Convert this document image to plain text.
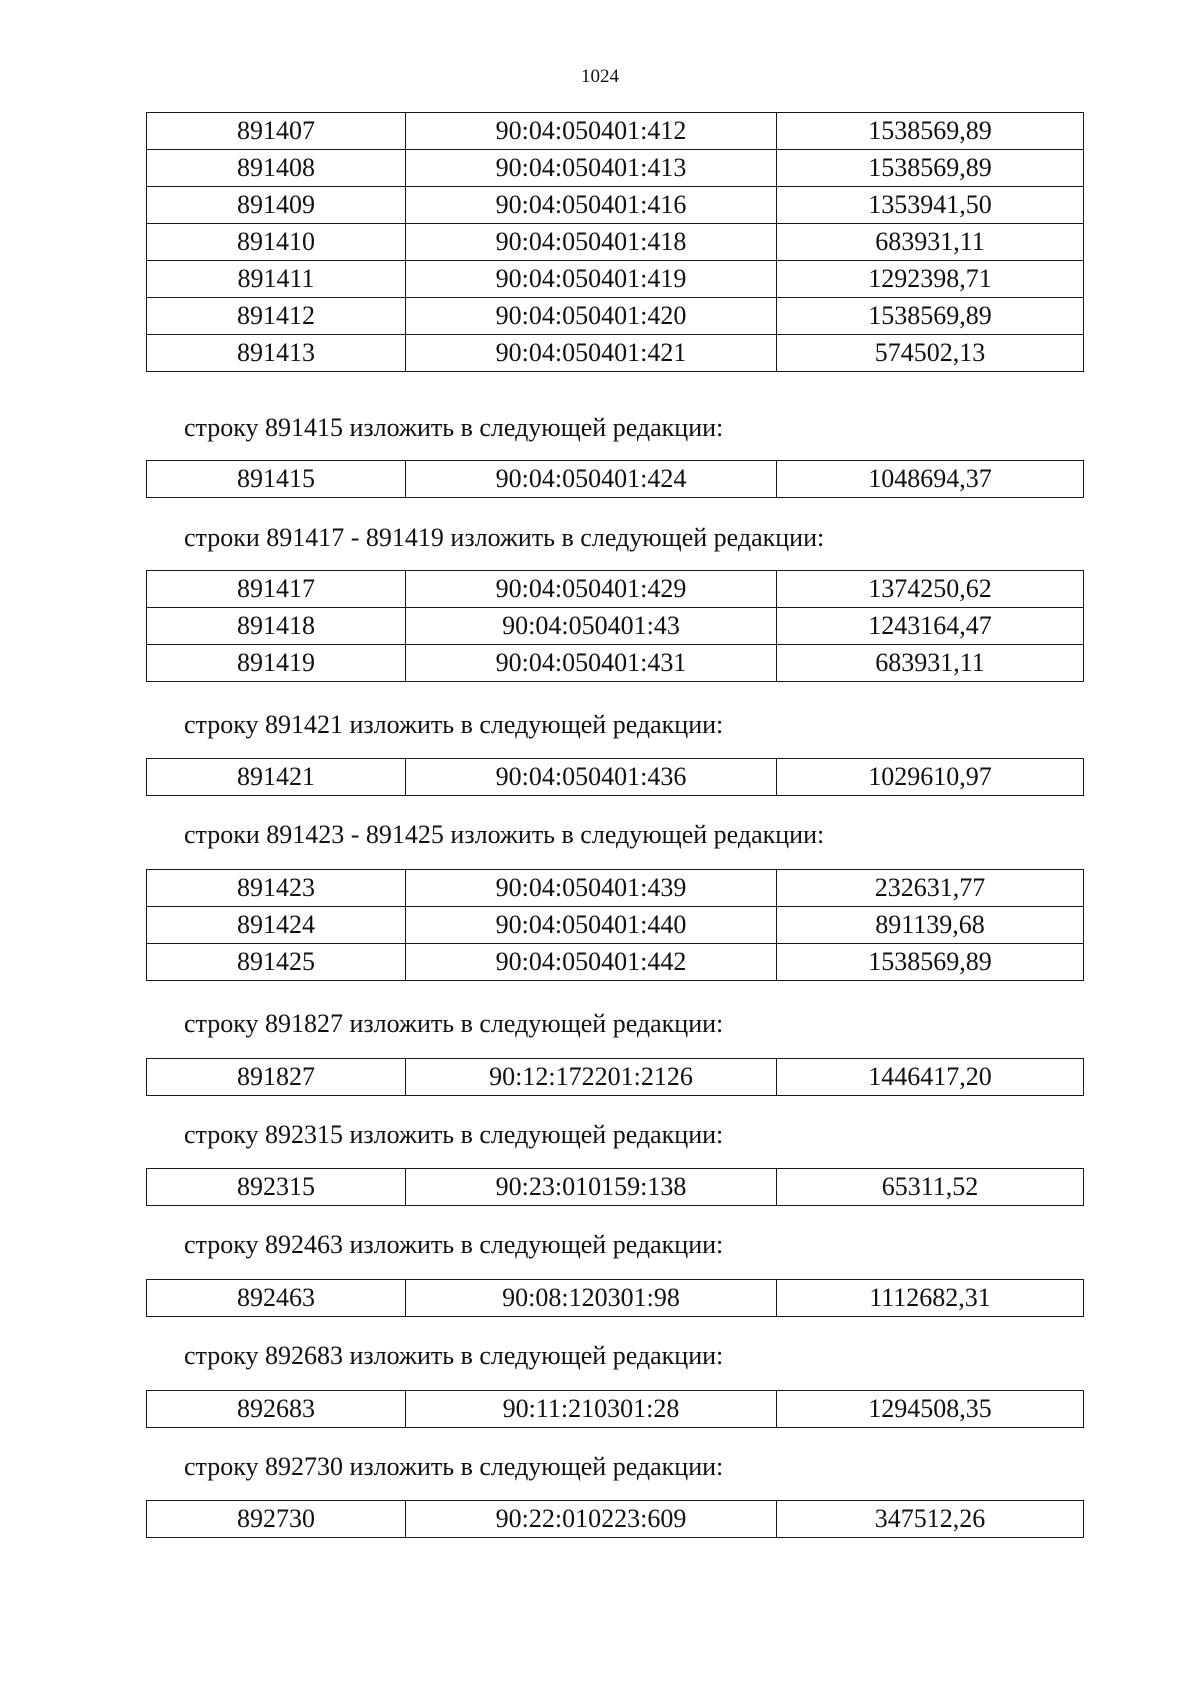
1024
891407	90:04:050401:412	1538569,89
891408	90:04:050401:413	1538569,89
891409	90:04:050401:416	1353941,50
891410	90:04:050401:418	683931,11
891411	90:04:050401:419	1292398,71
891412	90:04:050401:420	1538569,89
891413	90:04:050401:421	574502,13
строку 891415 изложить в следующей редакции:
891415	90:04:050401:424	1048694,37
строки 891417 - 891419 изложить в следующей редакции:
891417	90:04:050401:429	1374250,62
891418	90:04:050401:43	1243164,47
891419	90:04:050401:431	683931,11
строку 891421 изложить в следующей редакции:
891421	90:04:050401:436	1029610,97
строки 891423 - 891425 изложить в следующей редакции:
891423	90:04:050401:439	232631,77
891424	90:04:050401:440	891139,68
891425	90:04:050401:442	1538569,89
строку 891827 изложить в следующей редакции:
891827	90:12:172201:2126	1446417,20
строку 892315 изложить в следующей редакции:
892315	90:23:010159:138	65311,52
строку 892463 изложить в следующей редакции:
892463	90:08:120301:98	1112682,31
строку 892683 изложить в следующей редакции:
892683	90:11:210301:28	1294508,35
строку 892730 изложить в следующей редакции:
892730	90:22:010223:609	347512,26
